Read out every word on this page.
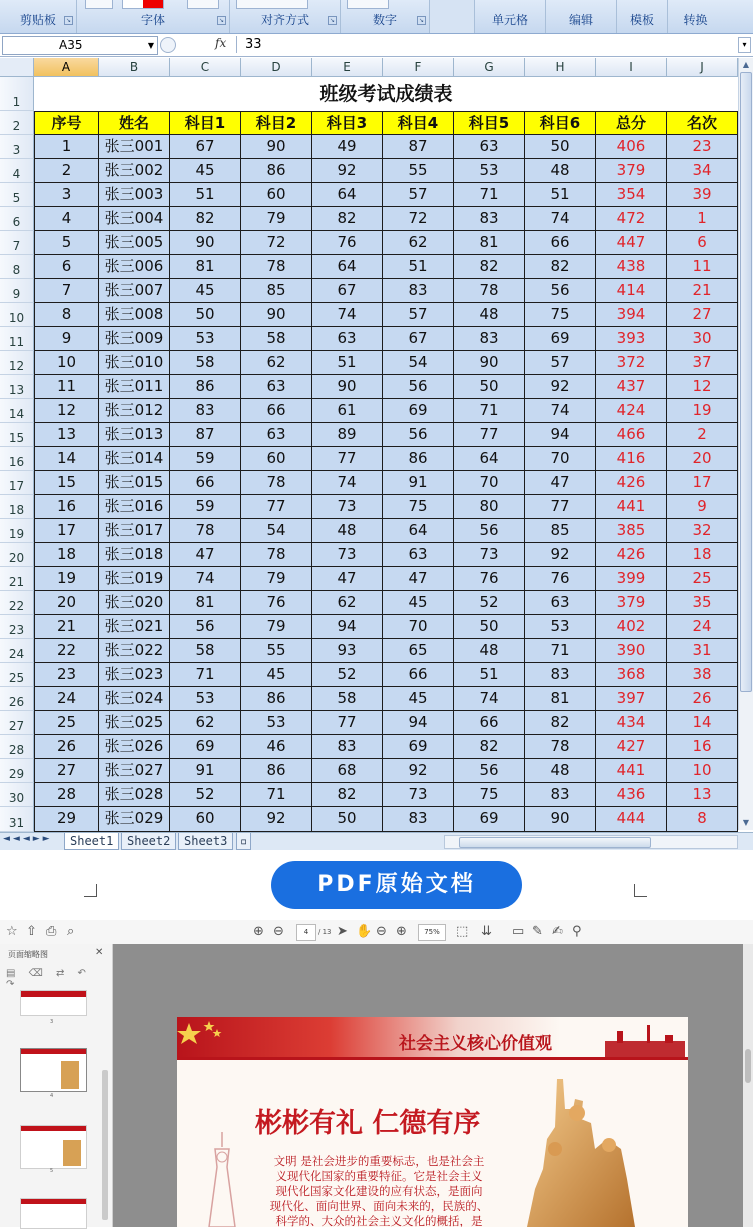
剪贴板	↘	字体	↘	对齐方式	↘	数字	↘	单元格	编辑	模板	转换
A35	▼	fx	33	▾
班级考试成绩表
A	B	C	D	E	F	G	H	I	J
1
2
3
4
5
6
7
8
9
10
11
12
13
14
15
16
17
18
19
20
21
22
23
24
25
26
27
28
29
30
31
序号	姓名	科目1	科目2	科目3	科目4	科目5	科目6	总分	名次
1	张三001	67	90	49	87	63	50	406	23
2	张三002	45	86	92	55	53	48	379	34
3	张三003	51	60	64	57	71	51	354	39
4	张三004	82	79	82	72	83	74	472	1
5	张三005	90	72	76	62	81	66	447	6
6	张三006	81	78	64	51	82	82	438	11
7	张三007	45	85	67	83	78	56	414	21
8	张三008	50	90	74	57	48	75	394	27
9	张三009	53	58	63	67	83	69	393	30
10	张三010	58	62	51	54	90	57	372	37
11	张三011	86	63	90	56	50	92	437	12
12	张三012	83	66	61	69	71	74	424	19
13	张三013	87	63	89	56	77	94	466	2
14	张三014	59	60	77	86	64	70	416	20
15	张三015	66	78	74	91	70	47	426	17
16	张三016	59	77	73	75	80	77	441	9
17	张三017	78	54	48	64	56	85	385	32
18	张三018	47	78	73	63	73	92	426	18
19	张三019	74	79	47	47	76	76	399	25
20	张三020	81	76	62	45	52	63	379	35
21	张三021	56	79	94	70	50	53	402	24
22	张三022	58	55	93	65	48	71	390	31
23	张三023	71	45	52	66	51	83	368	38
24	张三024	53	86	58	45	74	81	397	26
25	张三025	62	53	77	94	66	82	434	14
26	张三026	69	46	83	69	82	78	427	16
27	张三027	91	86	68	92	56	48	441	10
28	张三028	52	71	82	73	75	83	436	13
29	张三029	60	92	50	83	69	90	444	8
▲
▼
◄◄◄►►	Sheet1	Sheet2	Sheet3	▫
PDF原始文档
☆ ⇧ ⎙ ⌕	⊕ ⊖	4	/ 13 ➤ ✋ ⊖ ⊕	75%	⬚ ⇊ ▭ ✎ ✍ ⚲
页面缩略图	✕
▤ ⌫ ⇄ ↶ ↷
3
4
5
社会主义核心价值观
彬彬有礼 仁德有序
文明 是社会进步的重要标志，也是社会主
义现代化国家的重要特征。它是社会主义
现代化国家文化建设的应有状态，是面向
现代化、面向世界、面向未来的，民族的、
科学的、大众的社会主义文化的概括，是
